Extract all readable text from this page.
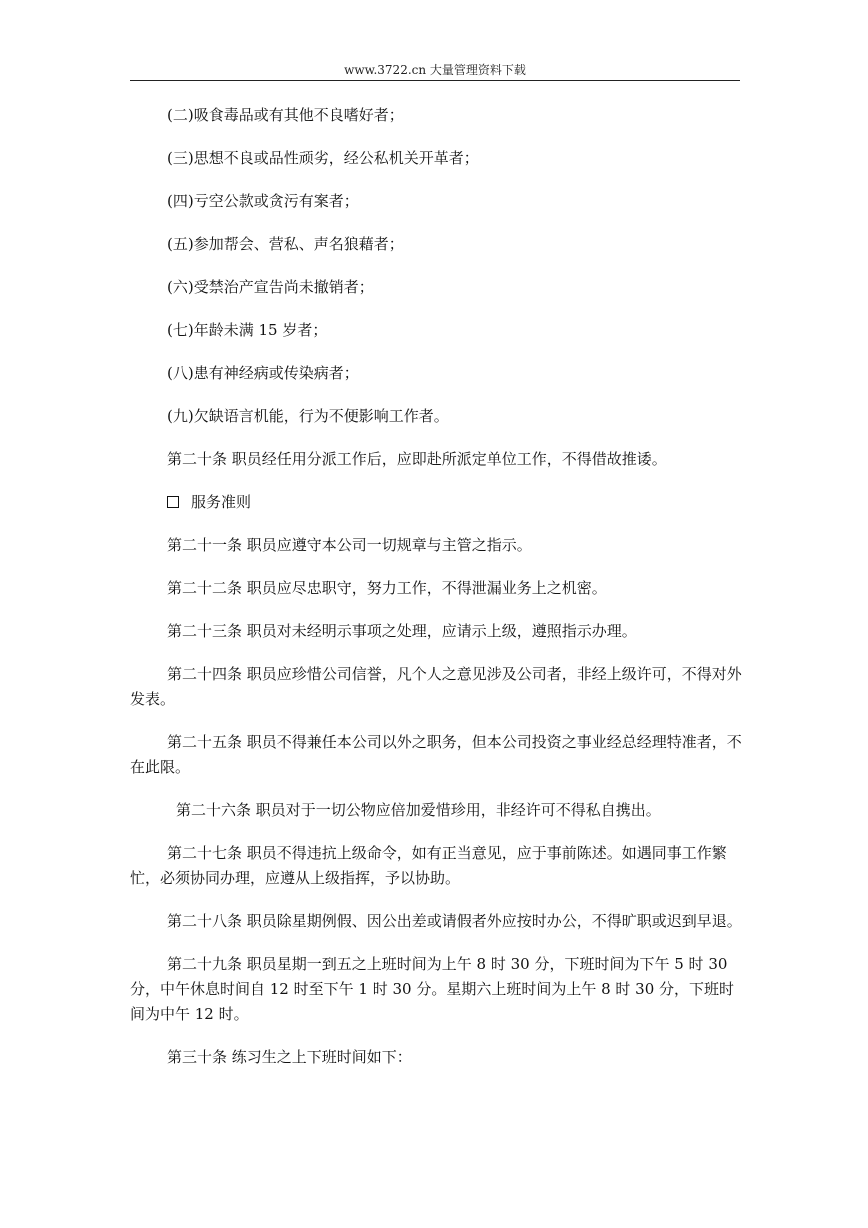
www.3722.cn 大量管理资料下载

(二)吸食毒品或有其他不良嗜好者；

(三)思想不良或品性顽劣，经公私机关开革者；

(四)亏空公款或贪污有案者；

(五)参加帮会、营私、声名狼藉者；

(六)受禁治产宣告尚未撤销者；

(七)年龄未满 15 岁者；

(八)患有神经病或传染病者；

(九)欠缺语言机能，行为不便影响工作者。

第二十条 职员经任用分派工作后，应即赴所派定单位工作，不得借故推诿。

服务准则

第二十一条 职员应遵守本公司一切规章与主管之指示。

第二十二条 职员应尽忠职守，努力工作，不得泄漏业务上之机密。

第二十三条 职员对未经明示事项之处理，应请示上级，遵照指示办理。

第二十四条 职员应珍惜公司信誉，凡个人之意见涉及公司者，非经上级许可，不得对外发表。

第二十五条 职员不得兼任本公司以外之职务，但本公司投资之事业经总经理特准者，不在此限。

第二十六条 职员对于一切公物应倍加爱惜珍用，非经许可不得私自携出。

第二十七条 职员不得违抗上级命令，如有正当意见，应于事前陈述。如遇同事工作繁忙，必须协同办理，应遵从上级指挥，予以协助。

第二十八条 职员除星期例假、因公出差或请假者外应按时办公，不得旷职或迟到早退。

第二十九条 职员星期一到五之上班时间为上午 8 时 30 分，下班时间为下午 5 时 30 分，中午休息时间自 12 时至下午 1 时 30 分。星期六上班时间为上午 8 时 30 分，下班时间为中午 12 时。

第三十条 练习生之上下班时间如下：
